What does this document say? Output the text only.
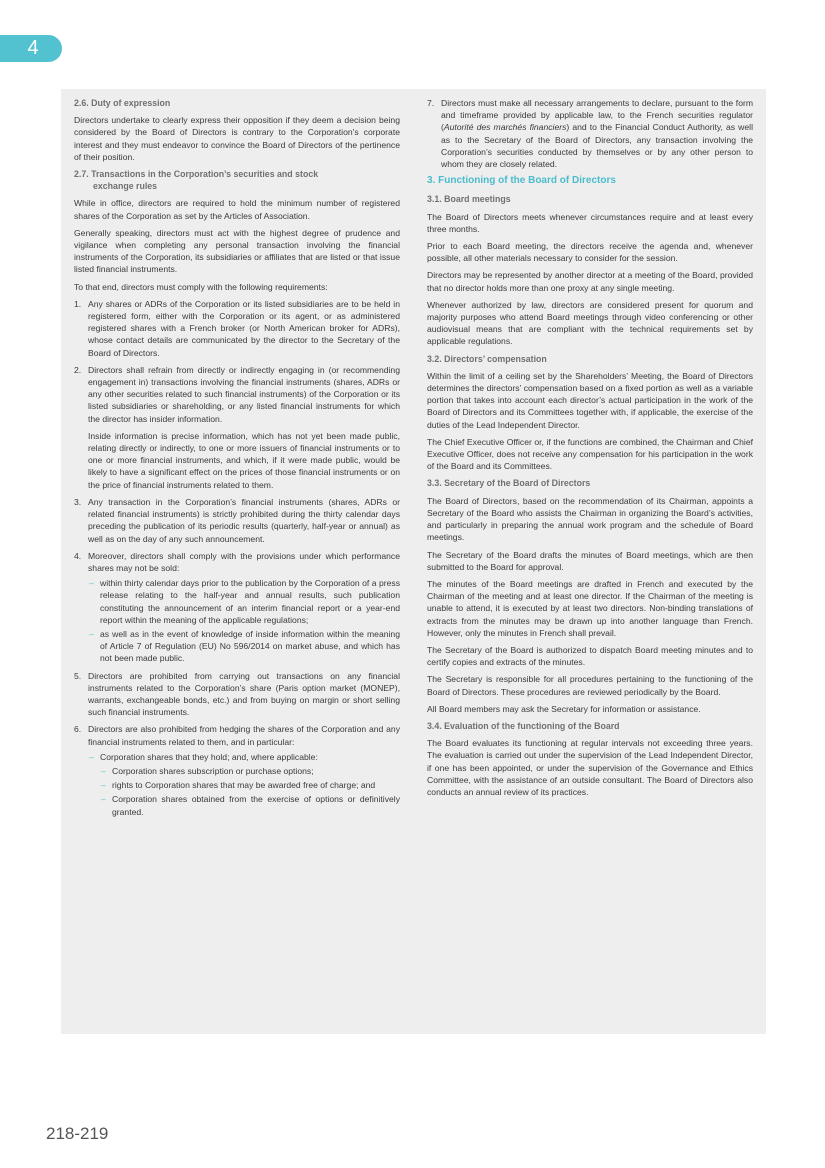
4
2.6. Duty of expression

Directors undertake to clearly express their opposition if they deem a decision being considered by the Board of Directors is contrary to the Corporation’s corporate interest and they must endeavor to convince the Board of Directors of the pertinence of their position.

2.7. Transactions in the Corporation’s securities and stock
exchange rules

While in office, directors are required to hold the minimum number of registered shares of the Corporation as set by the Articles of Association.

Generally speaking, directors must act with the highest degree of prudence and vigilance when completing any personal transaction involving the financial instruments of the Corporation, its subsidiaries or affiliates that are listed or that issue listed financial instruments.

To that end, directors must comply with the following requirements:

1. Any shares or ADRs of the Corporation or its listed subsidiaries are to be held in registered form, either with the Corporation or its agent, or as administered registered shares with a French broker (or North American broker for ADRs), whose contact details are communicated by the director to the Secretary of the Board of Directors.
2. Directors shall refrain from directly or indirectly engaging in (or recommending engagement in) transactions involving the financial instruments (shares, ADRs or any other securities related to such financial instruments) of the Corporation or its listed subsidiaries or shareholding, or any listed financial instruments for which the director has insider information.

Inside information is precise information, which has not yet been made public, relating directly or indirectly, to one or more issuers of financial instruments or to one or more financial instruments, and which, if it were made public, would be likely to have a significant effect on the prices of those financial instruments or on the price of financial instruments related to them.

3. Any transaction in the Corporation’s financial instruments (shares, ADRs or related financial instruments) is strictly prohibited during the thirty calendar days preceding the publication of its periodic results (quarterly, half-year or annual) as well as on the day of any such announcement.
4. Moreover, directors shall comply with the provisions under which performance shares may not be sold:
– within thirty calendar days prior to the publication by the Corporation of a press release relating to the half-year and annual results, such publication constituting the announcement of an interim financial report or a year-end report within the meaning of the applicable regulations;
– as well as in the event of knowledge of inside information within the meaning of Article 7 of Regulation (EU) No 596/2014 on market abuse, and which has not been made public.
5. Directors are prohibited from carrying out transactions on any financial instruments related to the Corporation’s share (Paris option market (MONEP), warrants, exchangeable bonds, etc.) and from buying on margin or short selling such financial instruments.
6. Directors are also prohibited from hedging the shares of the Corporation and any financial instruments related to them, and in particular:
– Corporation shares that they hold; and, where applicable:
– Corporation shares subscription or purchase options;
– rights to Corporation shares that may be awarded free of charge; and
– Corporation shares obtained from the exercise of options or definitively granted.
7. Directors must make all necessary arrangements to declare, pursuant to the form and timeframe provided by applicable law, to the French securities regulator (Autorité des marchés financiers) and to the Financial Conduct Authority, as well as to the Secretary of the Board of Directors, any transaction involving the Corporation’s securities conducted by themselves or by any other person to whom they are closely related.
3. Functioning of the Board of Directors
3.1. Board meetings

The Board of Directors meets whenever circumstances require and at least every three months.

Prior to each Board meeting, the directors receive the agenda and, whenever possible, all other materials necessary to consider for the session.

Directors may be represented by another director at a meeting of the Board, provided that no director holds more than one proxy at any single meeting.

Whenever authorized by law, directors are considered present for quorum and majority purposes who attend Board meetings through video conferencing or other audiovisual means that are compliant with the technical requirements set by applicable regulations.

3.2. Directors’ compensation

Within the limit of a ceiling set by the Shareholders’ Meeting, the Board of Directors determines the directors’ compensation based on a fixed portion as well as a variable portion that takes into account each director’s actual participation in the work of the Board of Directors and its Committees together with, if applicable, the exercise of the duties of the Lead Independent Director.

The Chief Executive Officer or, if the functions are combined, the Chairman and Chief Executive Officer, does not receive any compensation for his participation in the work of the Board and its Committees.

3.3. Secretary of the Board of Directors

The Board of Directors, based on the recommendation of its Chairman, appoints a Secretary of the Board who assists the Chairman in organizing the Board’s activities, and particularly in preparing the annual work program and the schedule of Board meetings.

The Secretary of the Board drafts the minutes of Board meetings, which are then submitted to the Board for approval.

The minutes of the Board meetings are drafted in French and executed by the Chairman of the meeting and at least one director. If the Chairman of the meeting is unable to attend, it is executed by at least two directors. Non-binding translations of extracts from the minutes may be drawn up into another language than French. However, only the minutes in French shall prevail.

The Secretary of the Board is authorized to dispatch Board meeting minutes and to certify copies and extracts of the minutes.

The Secretary is responsible for all procedures pertaining to the functioning of the Board of Directors. These procedures are reviewed periodically by the Board.

All Board members may ask the Secretary for information or assistance.

3.4. Evaluation of the functioning of the Board

The Board evaluates its functioning at regular intervals not exceeding three years. The evaluation is carried out under the supervision of the Lead Independent Director, if one has been appointed, or under the supervision of the Governance and Ethics Committee, with the assistance of an outside consultant. The Board of Directors also conducts an annual review of its practices.

218-219
